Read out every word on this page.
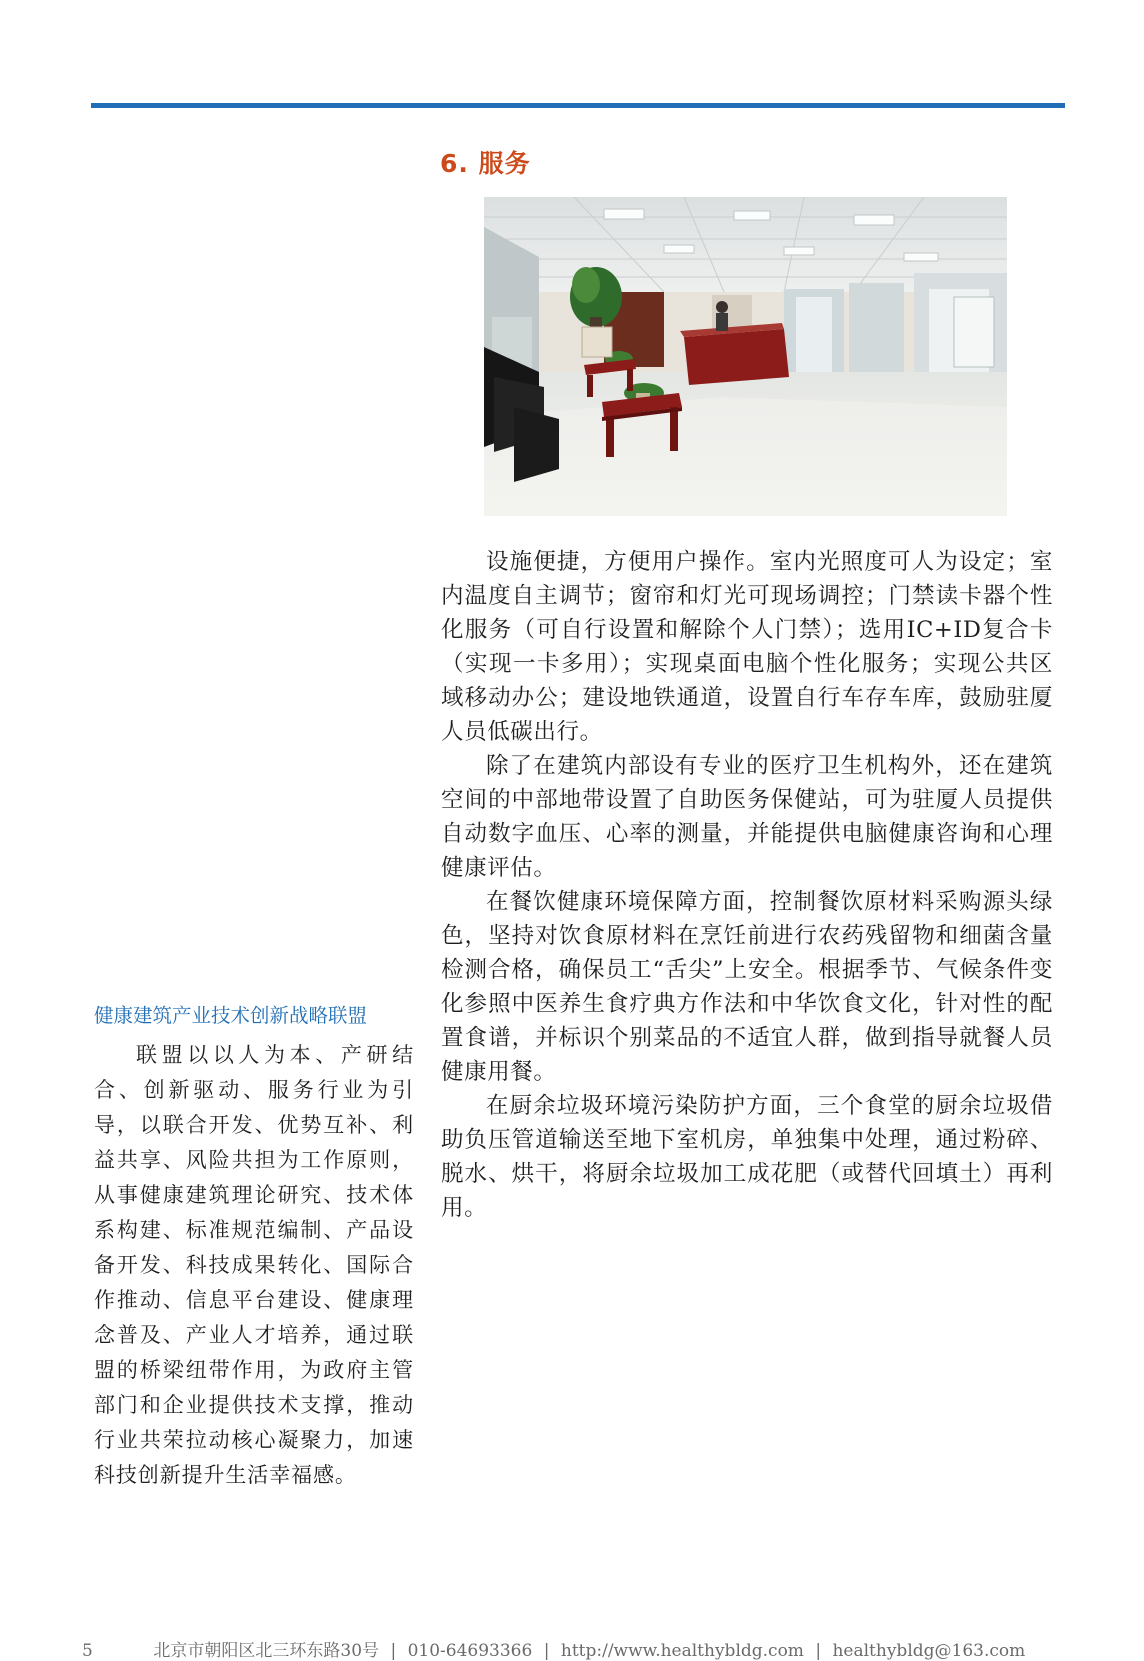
6. 服务

设施便捷，方便用户操作。室内光照度可人为设定；室内温度自主调节；窗帘和灯光可现场调控；门禁读卡器个性化服务（可自行设置和解除个人门禁）；选用IC+ID复合卡（实现一卡多用）；实现桌面电脑个性化服务；实现公共区域移动办公；建设地铁通道，设置自行车存车库，鼓励驻厦人员低碳出行。

除了在建筑内部设有专业的医疗卫生机构外，还在建筑空间的中部地带设置了自助医务保健站，可为驻厦人员提供自动数字血压、心率的测量，并能提供电脑健康咨询和心理健康评估。

在餐饮健康环境保障方面，控制餐饮原材料采购源头绿色，坚持对饮食原材料在烹饪前进行农药残留物和细菌含量检测合格，确保员工“舌尖”上安全。根据季节、气候条件变化参照中医养生食疗典方作法和中华饮食文化，针对性的配置食谱，并标识个别菜品的不适宜人群，做到指导就餐人员健康用餐。

在厨余垃圾环境污染防护方面，三个食堂的厨余垃圾借助负压管道输送至地下室机房，单独集中处理，通过粉碎、脱水、烘干，将厨余垃圾加工成花肥（或替代回填土）再利用。

健康建筑产业技术创新战略联盟

联盟以以人为本、产研结合、创新驱动、服务行业为引导，以联合开发、优势互补、利益共享、风险共担为工作原则，从事健康建筑理论研究、技术体系构建、标准规范编制、产品设备开发、科技成果转化、国际合作推动、信息平台建设、健康理念普及、产业人才培养，通过联盟的桥梁纽带作用，为政府主管部门和企业提供技术支撑，推动行业共荣拉动核心凝聚力，加速科技创新提升生活幸福感。

5	北京市朝阳区北三环东路30号 | 010-64693366 | http://www.healthybldg.com | healthybldg@163.com
